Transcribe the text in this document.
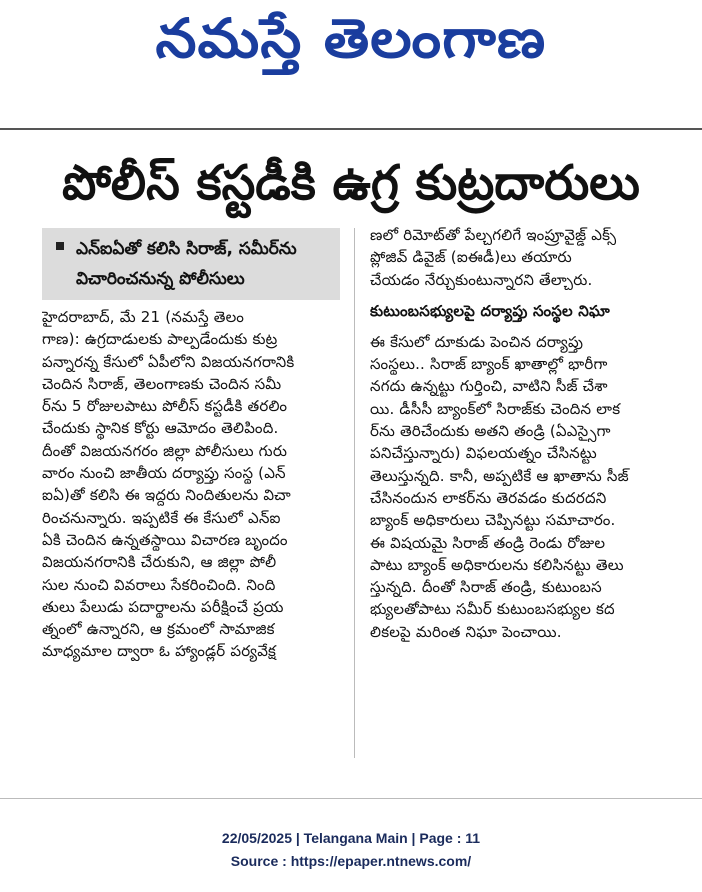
నమస్తే తెలంగాణ
పోలీస్ కస్టడీకి ఉగ్ర కుట్రదారులు
ఎన్ఐఏతో కలిసి సిరాజ్, సమీర్‌ను
విచారించనున్న పోలీసులు

హైదరాబాద్, మే 21 (నమస్తే తెలం

గాణ): ఉగ్రదాడులకు పాల్పడేందుకు కుట్ర

పన్నారన్న కేసులో ఏపీలోని విజయనగరానికి

చెందిన సిరాజ్, తెలంగాణకు చెందిన సమీ

ర్‌ను 5 రోజులపాటు పోలీస్ కస్టడీకి తరలిం

చేందుకు స్థానిక కోర్టు ఆమోదం తెలిపింది.

దీంతో విజయనగరం జిల్లా పోలీసులు గురు

వారం నుంచి జాతీయ దర్యాప్తు సంస్థ (ఎన్

ఐఏ)తో కలిసి ఈ ఇద్దరు నిందితులను విచా

రించనున్నారు. ఇప్పటికే ఈ కేసులో ఎన్ఐ

ఏకి చెందిన ఉన్నతస్థాయి విచారణ బృందం

విజయనగరానికి చేరుకుని, ఆ జిల్లా పోలీ

సుల నుంచి వివరాలు సేకరించింది. నింది

తులు పేలుడు పదార్థాలను పరీక్షించే ప్రయ

త్నంలో ఉన్నారని, ఆ క్రమంలో సామాజిక

మాధ్యమాల ద్వారా ఓ హ్యాండ్లర్ పర్యవేక్ష

ణలో రిమోట్‌తో పేల్చగలిగే ఇంప్రూవైజ్డ్ ఎక్స్

ప్లోజివ్ డివైజ్ (ఐఈడీ)లు తయారు

చేయడం నేర్చుకుంటున్నారని తేల్చారు.

కుటుంబసభ్యులపై దర్యాప్తు సంస్థల నిఘా

ఈ కేసులో దూకుడు పెంచిన దర్యాప్తు

సంస్థలు.. సిరాజ్ బ్యాంక్ ఖాతాల్లో భారీగా

నగదు ఉన్నట్టు గుర్తించి, వాటిని సీజ్ చేశా

యి. డీసీసీ బ్యాంక్‌లో సిరాజ్‌కు చెందిన లాక

ర్‌ను తెరిచేందుకు అతని తండ్రి (ఏఎస్సైగా

పనిచేస్తున్నారు) విఫలయత్నం చేసినట్టు

తెలుస్తున్నది. కానీ, అప్పటికే ఆ ఖాతాను సీజ్

చేసినందున లాకర్‌ను తెరవడం కుదరదని

బ్యాంక్ అధికారులు చెప్పినట్టు సమాచారం.

ఈ విషయమై సిరాజ్ తండ్రి రెండు రోజుల

పాటు బ్యాంక్ అధికారులను కలిసినట్టు తెలు

స్తున్నది. దీంతో సిరాజ్ తండ్రి, కుటుంబస

భ్యులతోపాటు సమీర్ కుటుంబసభ్యుల కద

లికలపై మరింత నిఘా పెంచాయి.

22/05/2025 | Telangana Main | Page : 11
Source : https://epaper.ntnews.com/
